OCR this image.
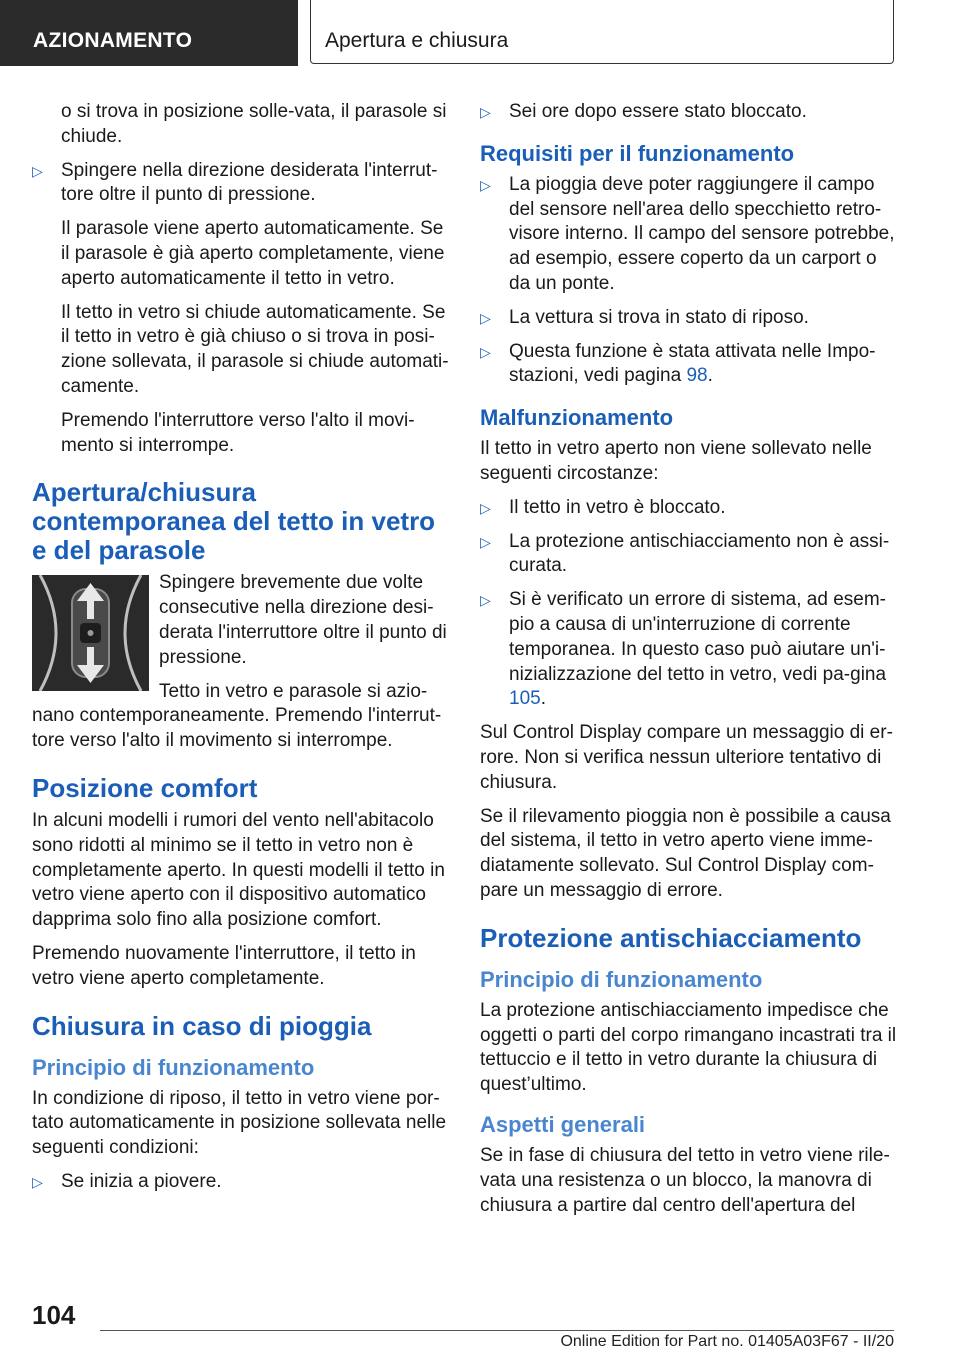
AZIONAMENTO	Apertura e chiusura

o si trova in posizione solle-vata, il parasole si chiude.

▷ Spingere nella direzione desiderata l'interrut-tore oltre il punto di pressione.

Il parasole viene aperto automaticamente. Se il parasole è già aperto completamente, viene aperto automaticamente il tetto in vetro.

Il tetto in vetro si chiude automaticamente. Se il tetto in vetro è già chiuso o si trova in posi-zione sollevata, il parasole si chiude automati-camente.

Premendo l'interruttore verso l'alto il movi-mento si interrompe.

Apertura/chiusura contemporanea del tetto in vetro e del parasole

Spingere brevemente due volte consecutive nella direzione desi-derata l'interruttore oltre il punto di pressione.

Tetto in vetro e parasole si azio-nano contemporaneamente. Premendo l'interrut-tore verso l'alto il movimento si interrompe.

Posizione comfort

In alcuni modelli i rumori del vento nell'abitacolo sono ridotti al minimo se il tetto in vetro non è completamente aperto. In questi modelli il tetto in vetro viene aperto con il dispositivo automatico dapprima solo fino alla posizione comfort.

Premendo nuovamente l'interruttore, il tetto in vetro viene aperto completamente.

Chiusura in caso di pioggia
Principio di funzionamento

In condizione di riposo, il tetto in vetro viene por-tato automaticamente in posizione sollevata nelle seguenti condizioni:

▷ Se inizia a piovere.
▷ Sei ore dopo essere stato bloccato.
Requisiti per il funzionamento
▷ La pioggia deve poter raggiungere il campo del sensore nell'area dello specchietto retro-visore interno. Il campo del sensore potrebbe, ad esempio, essere coperto da un carport o da un ponte.
▷ La vettura si trova in stato di riposo.
▷ Questa funzione è stata attivata nelle Impo-stazioni, vedi pagina 98.
Malfunzionamento

Il tetto in vetro aperto non viene sollevato nelle seguenti circostanze:

▷ Il tetto in vetro è bloccato.
▷ La protezione antischiacciamento non è assi-curata.
▷ Si è verificato un errore di sistema, ad esem-pio a causa di un'interruzione di corrente temporanea. In questo caso può aiutare un'i-nizializzazione del tetto in vetro, vedi pa-gina 105.

Sul Control Display compare un messaggio di er-rore. Non si verifica nessun ulteriore tentativo di chiusura.

Se il rilevamento pioggia non è possibile a causa del sistema, il tetto in vetro aperto viene imme-diatamente sollevato. Sul Control Display com-pare un messaggio di errore.

Protezione antischiacciamento
Principio di funzionamento

La protezione antischiacciamento impedisce che oggetti o parti del corpo rimangano incastrati tra il tettuccio e il tetto in vetro durante la chiusura di quest’ultimo.

Aspetti generali

Se in fase di chiusura del tetto in vetro viene rile-vata una resistenza o un blocco, la manovra di chiusura a partire dal centro dell'apertura del

104
Online Edition for Part no. 01405A03F67 - II/20
